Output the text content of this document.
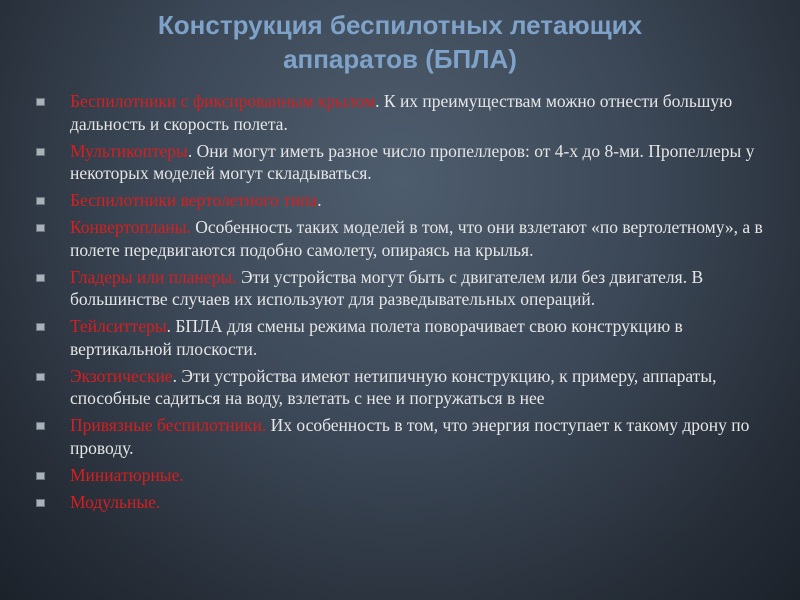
Конструкция беспилотных летающих
аппаратов (БПЛА)
Беспилотники с фиксированным крылом. К их преимуществам можно отнести большую дальность и скорость полета.
Мультикоптеры. Они могут иметь разное число пропеллеров: от 4-х до 8-ми. Пропеллеры у некоторых моделей могут складываться.
Беспилотники вертолетного типа.
Конвертопланы. Особенность таких моделей в том, что они взлетают «по вертолетному», а в полете передвигаются подобно самолету, опираясь на крылья.
Гладеры или планеры. Эти устройства могут быть с двигателем или без двигателя. В большинстве случаев их используют для разведывательных операций.
Тейлситтеры. БПЛА для смены режима полета поворачивает свою конструкцию в вертикальной плоскости.
Экзотические. Эти устройства имеют нетипичную конструкцию, к примеру, аппараты, способные садиться на воду, взлетать с нее и погружаться в нее
Привязные беспилотники. Их особенность в том, что энергия поступает к такому дрону по проводу.
Миниатюрные.
Модульные.
